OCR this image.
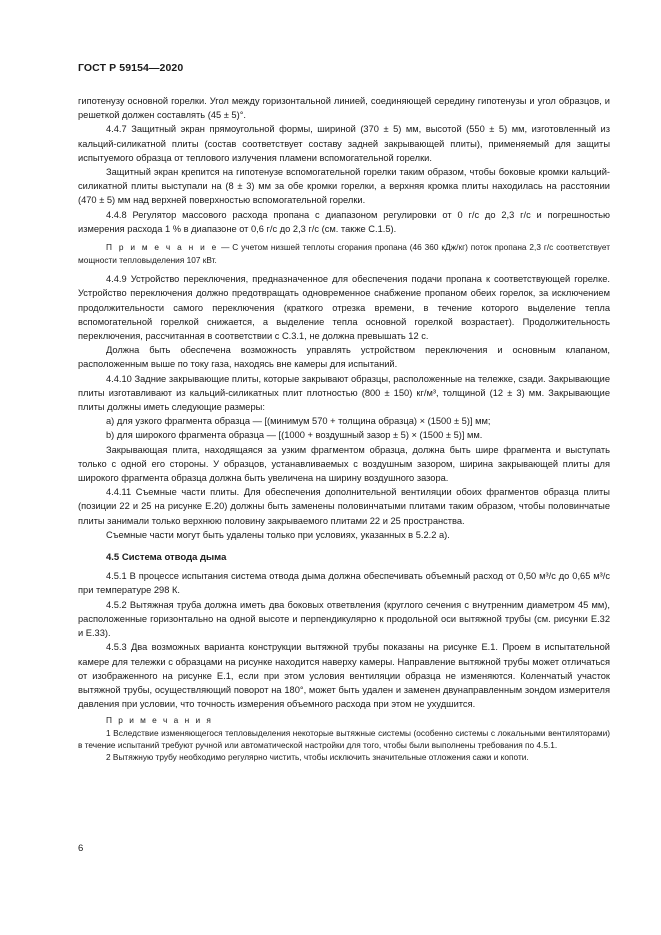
ГОСТ Р 59154—2020

гипотенузу основной горелки. Угол между горизонтальной линией, соединяющей середину гипотенузы и угол образцов, и решеткой должен составлять (45 ± 5)°.

4.4.7 Защитный экран прямоугольной формы, шириной (370 ± 5) мм, высотой (550 ± 5) мм, изготовленный из кальций-силикатной плиты (состав соответствует составу задней закрывающей плиты), применяемый для защиты испытуемого образца от теплового излучения пламени вспомогательной горелки.

Защитный экран крепится на гипотенузе вспомогательной горелки таким образом, чтобы боковые кромки кальций-силикатной плиты выступали на (8 ± 3) мм за обе кромки горелки, а верхняя кромка плиты находилась на расстоянии (470 ± 5) мм над верхней поверхностью вспомогательной горелки.

4.4.8 Регулятор массового расхода пропана с диапазоном регулировки от 0 г/с до 2,3 г/с и погрешностью измерения расхода 1 % в диапазоне от 0,6 г/с до 2,3 г/с (см. также С.1.5).

П р и м е ч а н и е — С учетом низшей теплоты сгорания пропана (46 360 кДж/кг) поток пропана 2,3 г/с соответствует мощности тепловыделения 107 кВт.

4.4.9 Устройство переключения, предназначенное для обеспечения подачи пропана к соответствующей горелке. Устройство переключения должно предотвращать одновременное снабжение пропаном обеих горелок, за исключением продолжительности самого переключения (краткого отрезка времени, в течение которого выделение тепла вспомогательной горелкой снижается, а выделение тепла основной горелкой возрастает). Продолжительность переключения, рассчитанная в соответствии с С.3.1, не должна превышать 12 с.

Должна быть обеспечена возможность управлять устройством переключения и основным клапаном, расположенным выше по току газа, находясь вне камеры для испытаний.

4.4.10 Задние закрывающие плиты, которые закрывают образцы, расположенные на тележке, сзади. Закрывающие плиты изготавливают из кальций-силикатных плит плотностью (800 ± 150) кг/м³, толщиной (12 ± 3) мм. Закрывающие плиты должны иметь следующие размеры:

a) для узкого фрагмента образца — [(минимум 570 + толщина образца) × (1500 ± 5)] мм;

b) для широкого фрагмента образца — [(1000 + воздушный зазор ± 5) × (1500 ± 5)] мм.

Закрывающая плита, находящаяся за узким фрагментом образца, должна быть шире фрагмента и выступать только с одной его стороны. У образцов, устанавливаемых с воздушным зазором, ширина закрывающей плиты для широкого фрагмента образца должна быть увеличена на ширину воздушного зазора.

4.4.11 Съемные части плиты. Для обеспечения дополнительной вентиляции обоих фрагментов образца плиты (позиции 22 и 25 на рисунке Е.20) должны быть заменены половинчатыми плитами таким образом, чтобы половинчатые плиты занимали только верхнюю половину закрываемого плитами 22 и 25 пространства.

Съемные части могут быть удалены только при условиях, указанных в 5.2.2 а).

4.5 Система отвода дыма

4.5.1 В процессе испытания система отвода дыма должна обеспечивать объемный расход от 0,50 м³/с до 0,65 м³/с при температуре 298 К.

4.5.2 Вытяжная труба должна иметь два боковых ответвления (круглого сечения с внутренним диаметром 45 мм), расположенные горизонтально на одной высоте и перпендикулярно к продольной оси вытяжной трубы (см. рисунки Е.32 и Е.33).

4.5.3 Два возможных варианта конструкции вытяжной трубы показаны на рисунке Е.1. Проем в испытательной камере для тележки с образцами на рисунке находится наверху камеры. Направление вытяжной трубы может отличаться от изображенного на рисунке Е.1, если при этом условия вентиляции образца не изменяются. Коленчатый участок вытяжной трубы, осуществляющий поворот на 180°, может быть удален и заменен двунаправленным зондом измерителя давления при условии, что точность измерения объемного расхода при этом не ухудшится.

П р и м е ч а н и я

1 Вследствие изменяющегося тепловыделения некоторые вытяжные системы (особенно системы с локальными вентиляторами) в течение испытаний требуют ручной или автоматической настройки для того, чтобы были выполнены требования по 4.5.1.

2 Вытяжную трубу необходимо регулярно чистить, чтобы исключить значительные отложения сажи и копоти.

6
